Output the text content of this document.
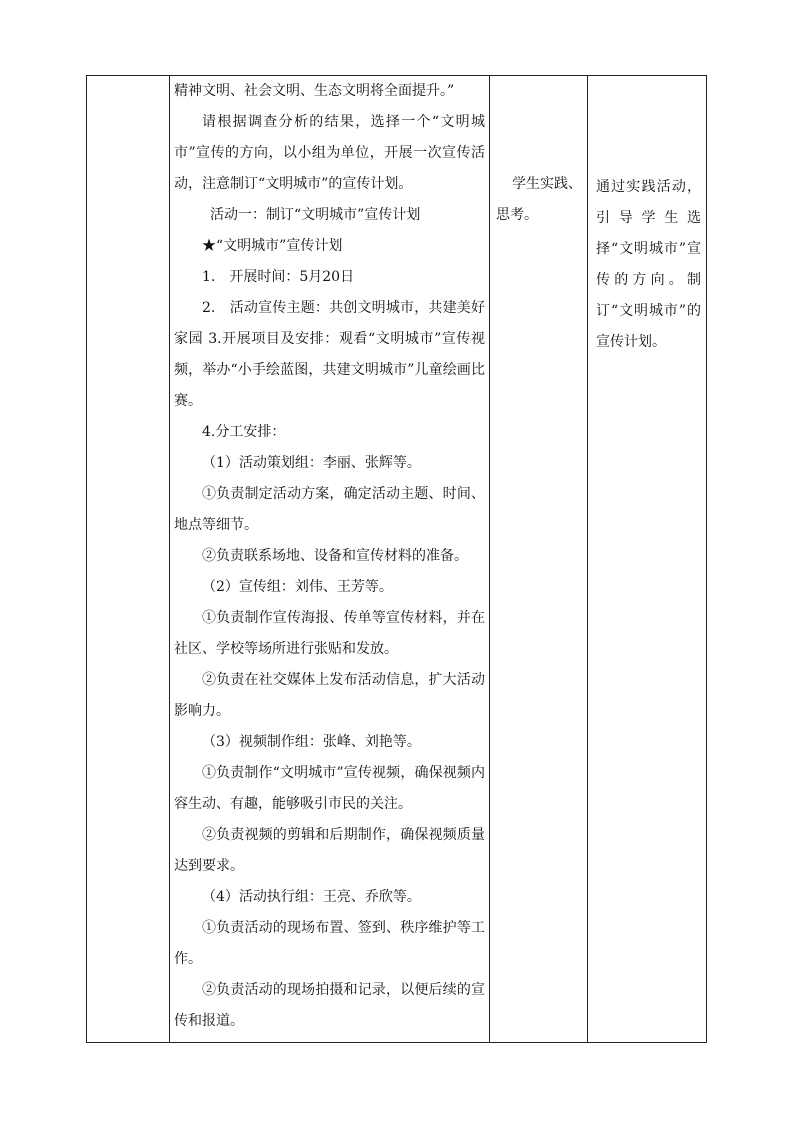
精神文明、社会文明、生态文明将全面提升。”

请根据调查分析的结果，选择一个“文明城市”宣传的方向，以小组为单位，开展一次宣传活动，注意制订“文明城市”的宣传计划。

活动一：制订“文明城市”宣传计划

★“文明城市”宣传计划

1.　开展时间：5月20日

2.　活动宣传主题：共创文明城市，共建美好家园 3.开展项目及安排：观看“文明城市”宣传视频，举办“小手绘蓝图，共建文明城市”儿童绘画比赛。

4.分工安排：

（1）活动策划组：李丽、张辉等。

①负责制定活动方案，确定活动主题、时间、地点等细节。

②负责联系场地、设备和宣传材料的准备。

（2）宣传组：刘伟、王芳等。

①负责制作宣传海报、传单等宣传材料，并在社区、学校等场所进行张贴和发放。

②负责在社交媒体上发布活动信息，扩大活动影响力。

（3）视频制作组：张峰、刘艳等。

①负责制作“文明城市”宣传视频，确保视频内容生动、有趣，能够吸引市民的关注。

②负责视频的剪辑和后期制作，确保视频质量达到要求。

（4）活动执行组：王亮、乔欣等。

①负责活动的现场布置、签到、秩序维护等工作。

②负责活动的现场拍摄和记录，以便后续的宣传和报道。

学生实践、思考。

通过实践活动，引导学生选择“文明城市”宣传的方向。制订“文明城市”的宣传计划。
